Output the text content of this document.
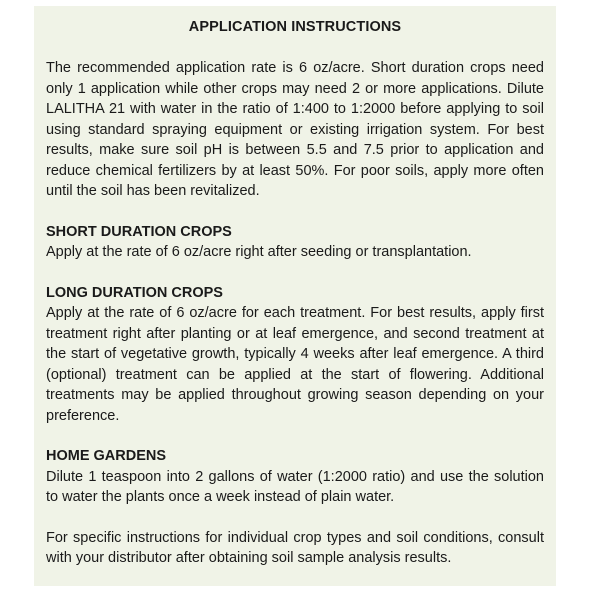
APPLICATION INSTRUCTIONS

The recommended application rate is 6 oz/acre. Short duration crops need only 1 application while other crops may need 2 or more applications. Dilute LALITHA 21 with water in the ratio of 1:400 to 1:2000 before applying to soil using standard spraying equipment or existing irrigation system. For best results, make sure soil pH is between 5.5 and 7.5 prior to application and reduce chemical fertilizers by at least 50%. For poor soils, apply more often until the soil has been revitalized.

SHORT DURATION CROPS

Apply at the rate of 6 oz/acre right after seeding or transplantation.

LONG DURATION CROPS

Apply at the rate of 6 oz/acre for each treatment. For best results, apply first treatment right after planting or at leaf emergence, and second treatment at the start of vegetative growth, typically 4 weeks after leaf emergence. A third (optional) treatment can be applied at the start of flowering. Additional treatments may be applied throughout growing season depending on your preference.

HOME GARDENS

Dilute 1 teaspoon into 2 gallons of water (1:2000 ratio) and use the solution to water the plants once a week instead of plain water.

For specific instructions for individual crop types and soil conditions, consult with your distributor after obtaining soil sample analysis results.
